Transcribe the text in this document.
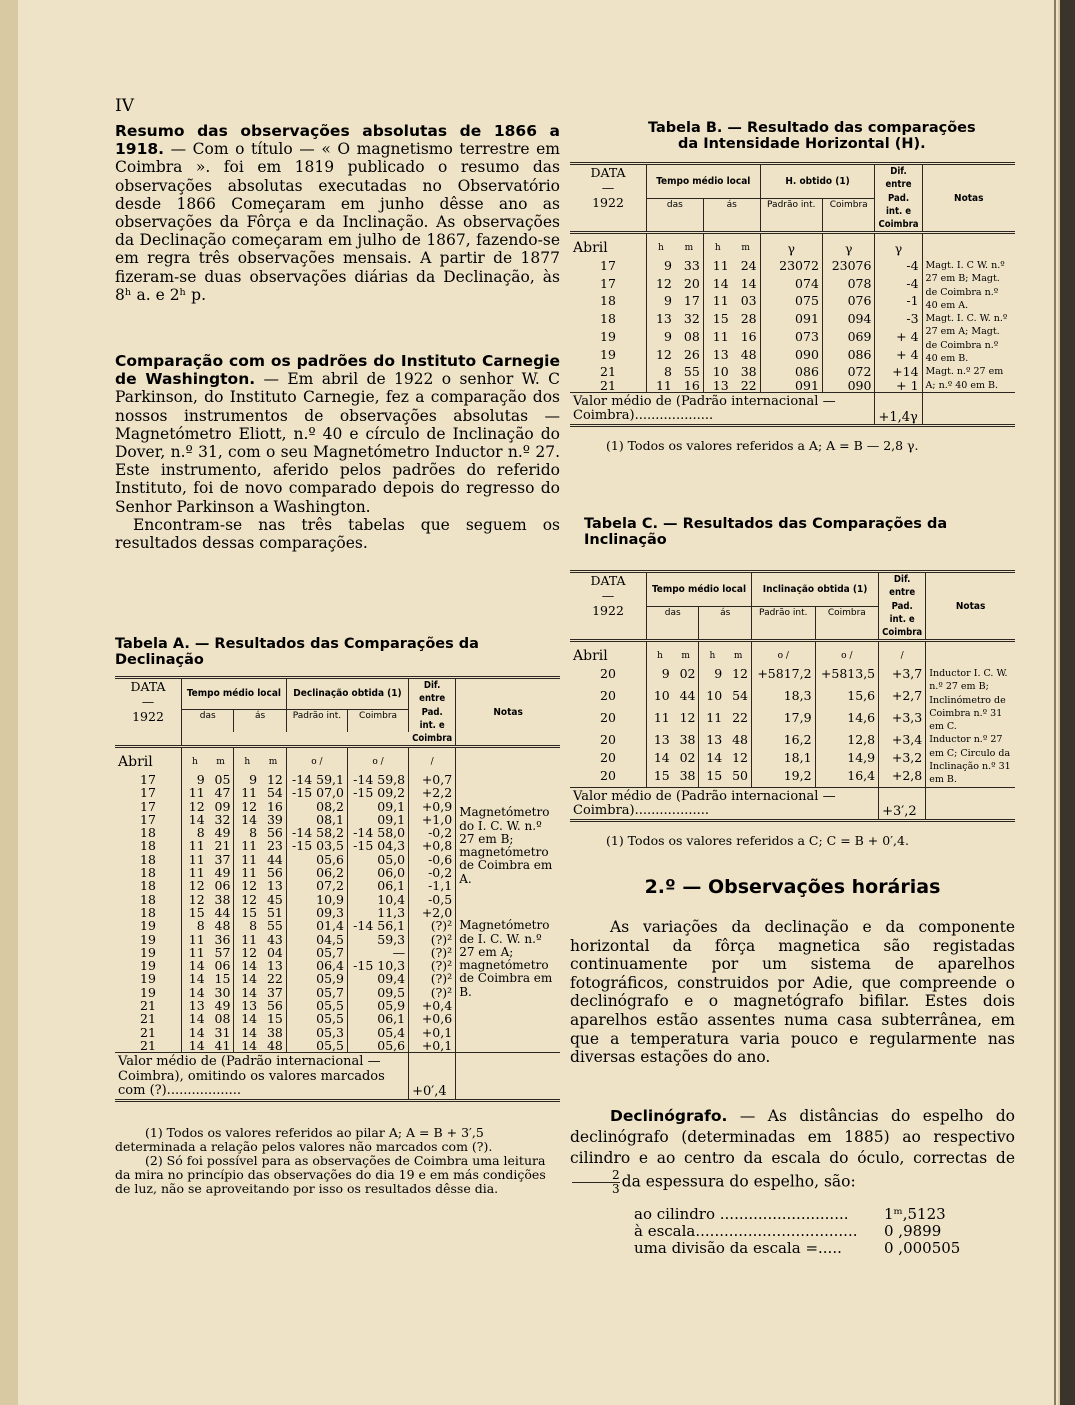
IV

Resumo das observações absolutas de 1866 a 1918. — Com o título — « O magnetismo terrestre em Coimbra ». foi em 1819 publicado o resumo das observações absolutas executadas no Observatório desde 1866 Começaram em junho dêsse ano as observações da Fôrça e da Inclinação. As observações da Declinação começaram em julho de 1867, fazendo-se em regra três observações mensais. A partir de 1877 fizeram-se duas observações diárias da Declinação, às 8ʰ a. e 2ʰ p.

Comparação com os padrões do Instituto Carnegie de Washington. — Em abril de 1922 o senhor W. C Parkinson, do Instituto Carnegie, fez a comparação dos nossos instrumentos de observações absolutas — Magnetómetro Eliott, n.º 40 e círculo de Inclinação do Dover, n.º 31, com o seu Magnetómetro Inductor n.º 27. Este instrumento, aferido pelos padrões do referido Instituto, foi de novo comparado depois do regresso do Senhor Parkinson a Washington.

Encontram-se nas três tabelas que seguem os resultados dessas comparações.

Tabela A. — Resultados das Comparações da Declinação
DATA
—
1922	Tempo médio local				Declinação obtida (1)		Dif. entre Pad. int. e Coimbra	Notas
	das		ás		Padrão int.	Coimbra		

Abril	h	m	h	m	o /	o /	/	
17	9	05	9	12	-14 59,1	-14 59,8	+0,7	Magnetómetro do I. C. W. n.º 27 em B; magnetómetro de Coimbra em A.
17	11	47	11	54	-15 07,0	-15 09,2	+2,2	
17	12	09	12	16	08,2	09,1	+0,9	
17	14	32	14	39	08,1	09,1	+1,0	
18	8	49	8	56	-14 58,2	-14 58,0	-0,2	
18	11	21	11	23	-15 03,5	-15 04,3	+0,8	
18	11	37	11	44	05,6	05,0	-0,6	
18	11	49	11	56	06,2	06,0	-0,2	
18	12	06	12	13	07,2	06,1	-1,1	
18	12	38	12	45	10,9	10,4	-0,5	
18	15	44	15	51	09,3	11,3	+2,0	
19	8	48	8	55	01,4	-14 56,1	(?)²	Magnetómetro de I. C. W. n.º 27 em A; magnetómetro de Coimbra em B.
19	11	36	11	43	04,5	59,3	(?)²	
19	11	57	12	04	05,7	—	(?)²	
19	14	06	14	13	06,4	-15 10,3	(?)²	
19	14	15	14	22	05,9	09,4	(?)²	
19	14	30	14	37	05,7	09,5	(?)²	
21	13	49	13	56	05,5	05,9	+0,4	
21	14	08	14	15	05,5	06,1	+0,6	
21	14	31	14	38	05,3	05,4	+0,1	
21	14	41	14	48	05,5	05,6	+0,1	
Valor médio de (Padrão internacional — Coimbra), omitindo os valores marcados com (?)..................							+0′,4	

(1) Todos os valores referidos ao pilar A; A = B + 3′,5 determinada a relação pelos valores não marcados com (?).
(2) Só foi possível para as observações de Coimbra uma leitura da mira no princípio das observações do dia 19 e em más condições de luz, não se aproveitando por isso os resultados dêsse dia.
Tabela B. — Resultado das comparações
da Intensidade Horizontal (H).
DATA
—
1922	Tempo médio local				H. obtido (1)		Dif. entre Pad. int. e Coimbra	Notas
	das		ás		Padrão int.	Coimbra		
Abril	h	m	h	m	γ	γ	γ	
17	9	33	11	24	23072	23076	-4	Magt. I. C W. n.º 27 em B; Magt. de Coimbra n.º 40 em A.
17	12	20	14	14	074	078	-4	
18	9	17	11	03	075	076	-1	
18	13	32	15	28	091	094	-3	Magt. I. C. W. n.º 27 em A; Magt. de Coimbra n.º 40 em B.
19	9	08	11	16	073	069	+ 4	
19	12	26	13	48	090	086	+ 4	
21	8	55	10	38	086	072	+14	Magt. n.º 27 em A; n.º 40 em B.
21	11	16	13	22	091	090	+ 1	
Valor médio de (Padrão internacional — Coimbra)...................							+1,4γ	

(1) Todos os valores referidos a A; A = B — 2,8 γ.
Tabela C. — Resultados das Comparações da Inclinação
DATA
—
1922	Tempo médio local				Inclinação obtida (1)		Dif. entre Pad. int. e Coimbra	Notas
	das		ás		Padrão int.	Coimbra		
Abril	h	m	h	m	o /	o /	/	
20	9	02	9	12	+5817,2	+5813,5	+3,7	Inductor I. C. W. n.º 27 em B; Inclinómetro de Coimbra n.º 31 em C.
20	10	44	10	54	18,3	15,6	+2,7	
20	11	12	11	22	17,9	14,6	+3,3	
20	13	38	13	48	16,2	12,8	+3,4	Inductor n.º 27 em C; Circulo da Inclinação n.º 31 em B.
20	14	02	14	12	18,1	14,9	+3,2	
20	15	38	15	50	19,2	16,4	+2,8	
Valor médio de (Padrão internacional — Coimbra)..................							+3′,2	

(1) Todos os valores referidos a C; C = B + 0′,4.
2.º — Observações horárias

As variações da declinação e da componente horizontal da fôrça magnetica são registadas continuamente por um sistema de aparelhos fotográficos, construidos por Adie, que compreende o declinógrafo e o magnetógrafo bifilar. Estes dois aparelhos estão assentes numa casa subterrânea, em que a temperatura varia pouco e regularmente nas diversas estações do ano.

Declinógrafo. — As distâncias do espelho do declinógrafo (determinadas em 1885) ao respectivo cilindro e ao centro da escala do óculo, correctas de
$\frac{2}{3}$ da espessura do espelho, são:

ao cilindro ...........................	1ᵐ,5123
à escala..................................	0 ,9899
uma divisão da escala =.....	0 ,000505
